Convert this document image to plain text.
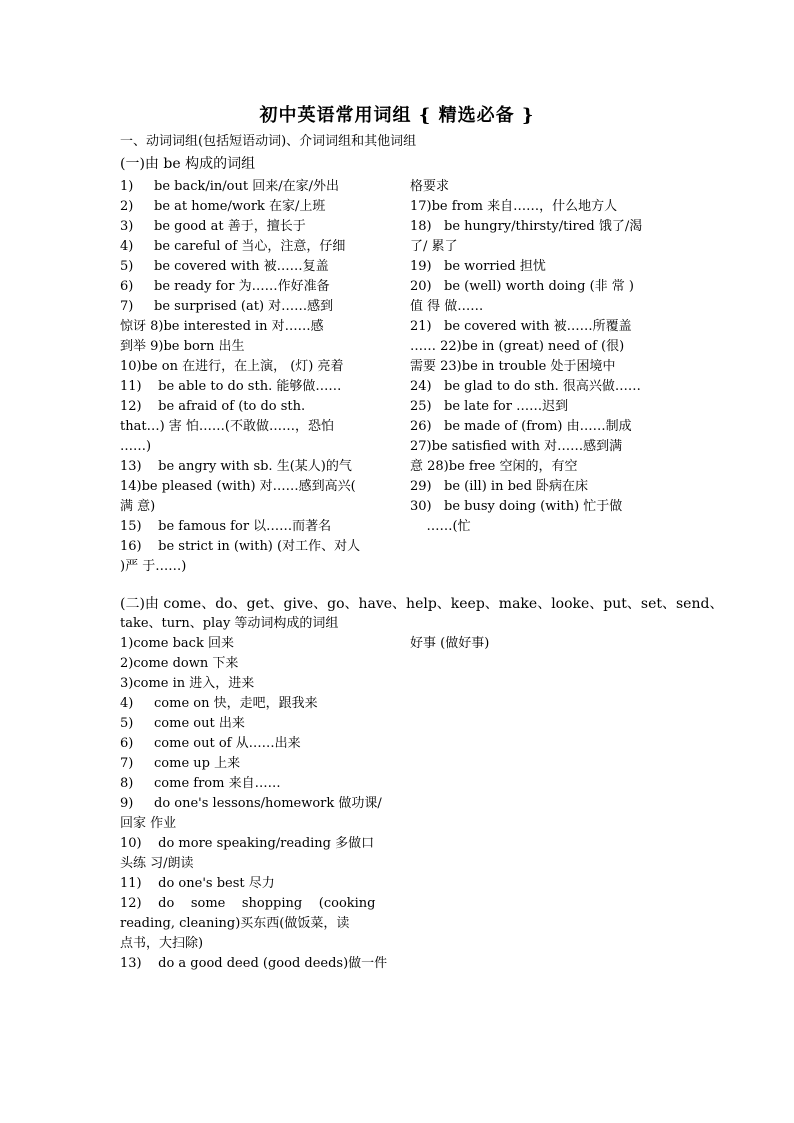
初中英语常用词组 { 精选必备 }
一、动词词组(包括短语动词)、介词词组和其他词组
(一)由 be 构成的词组
1)     be back/in/out 回来/在家/外出
2)     be at home/work 在家/上班
3)     be good at 善于，擅长于
4)     be careful of 当心，注意，仔细
5)     be covered with 被……复盖
6)     be ready for 为……作好准备
7)     be surprised (at) 对……感到
惊讶 8)be interested in 对……感
到举 9)be born 出生
10)be on 在进行，在上演， (灯) 亮着
11)    be able to do sth. 能够做……
12)    be afraid of (to do sth.
that…) 害 怕……(不敢做……，恐怕
……)
13)    be angry with sb. 生(某人)的气
14)be pleased (with) 对……感到高兴(
满 意)
15)    be famous for 以……而著名
16)    be strict in (with) (对工作、对人
)严 于……)
格要求
17)be from 来自……，什么地方人
18)   be hungry/thirsty/tired 饿了/渴
了/ 累了
19)   be worried 担忧
20)   be (well) worth doing (非 常 )
值 得 做……
21)   be covered with 被……所覆盖
…… 22)be in (great) need of (很)
需要 23)be in trouble 处于困境中
24)   be glad to do sth. 很高兴做……
25)   be late for ……迟到
26)   be made of (from) 由……制成
27)be satisfied with 对……感到满
意 28)be free 空闲的，有空
29)   be (ill) in bed 卧病在床
30)   be busy doing (with) 忙于做
……(忙
(二)由 come、do、get、give、go、have、help、keep、make、looke、put、set、send、
take、turn、play 等动词构成的词组
1)come back 回来
2)come down 下来
3)come in 进入，进来
4)     come on 快，走吧，跟我来
5)     come out 出来
6)     come out of 从……出来
7)     come up 上来
8)     come from 来自……
9)     do one's lessons/homework 做功课/
回家 作业
10)    do more speaking/reading 多做口
头练 习/朗读
11)    do one's best 尽力
12)    do    some    shopping    (cooking
reading, cleaning)买东西(做饭菜，读
点书，大扫除)
13)    do a good deed (good deeds)做一件
好事 (做好事)
